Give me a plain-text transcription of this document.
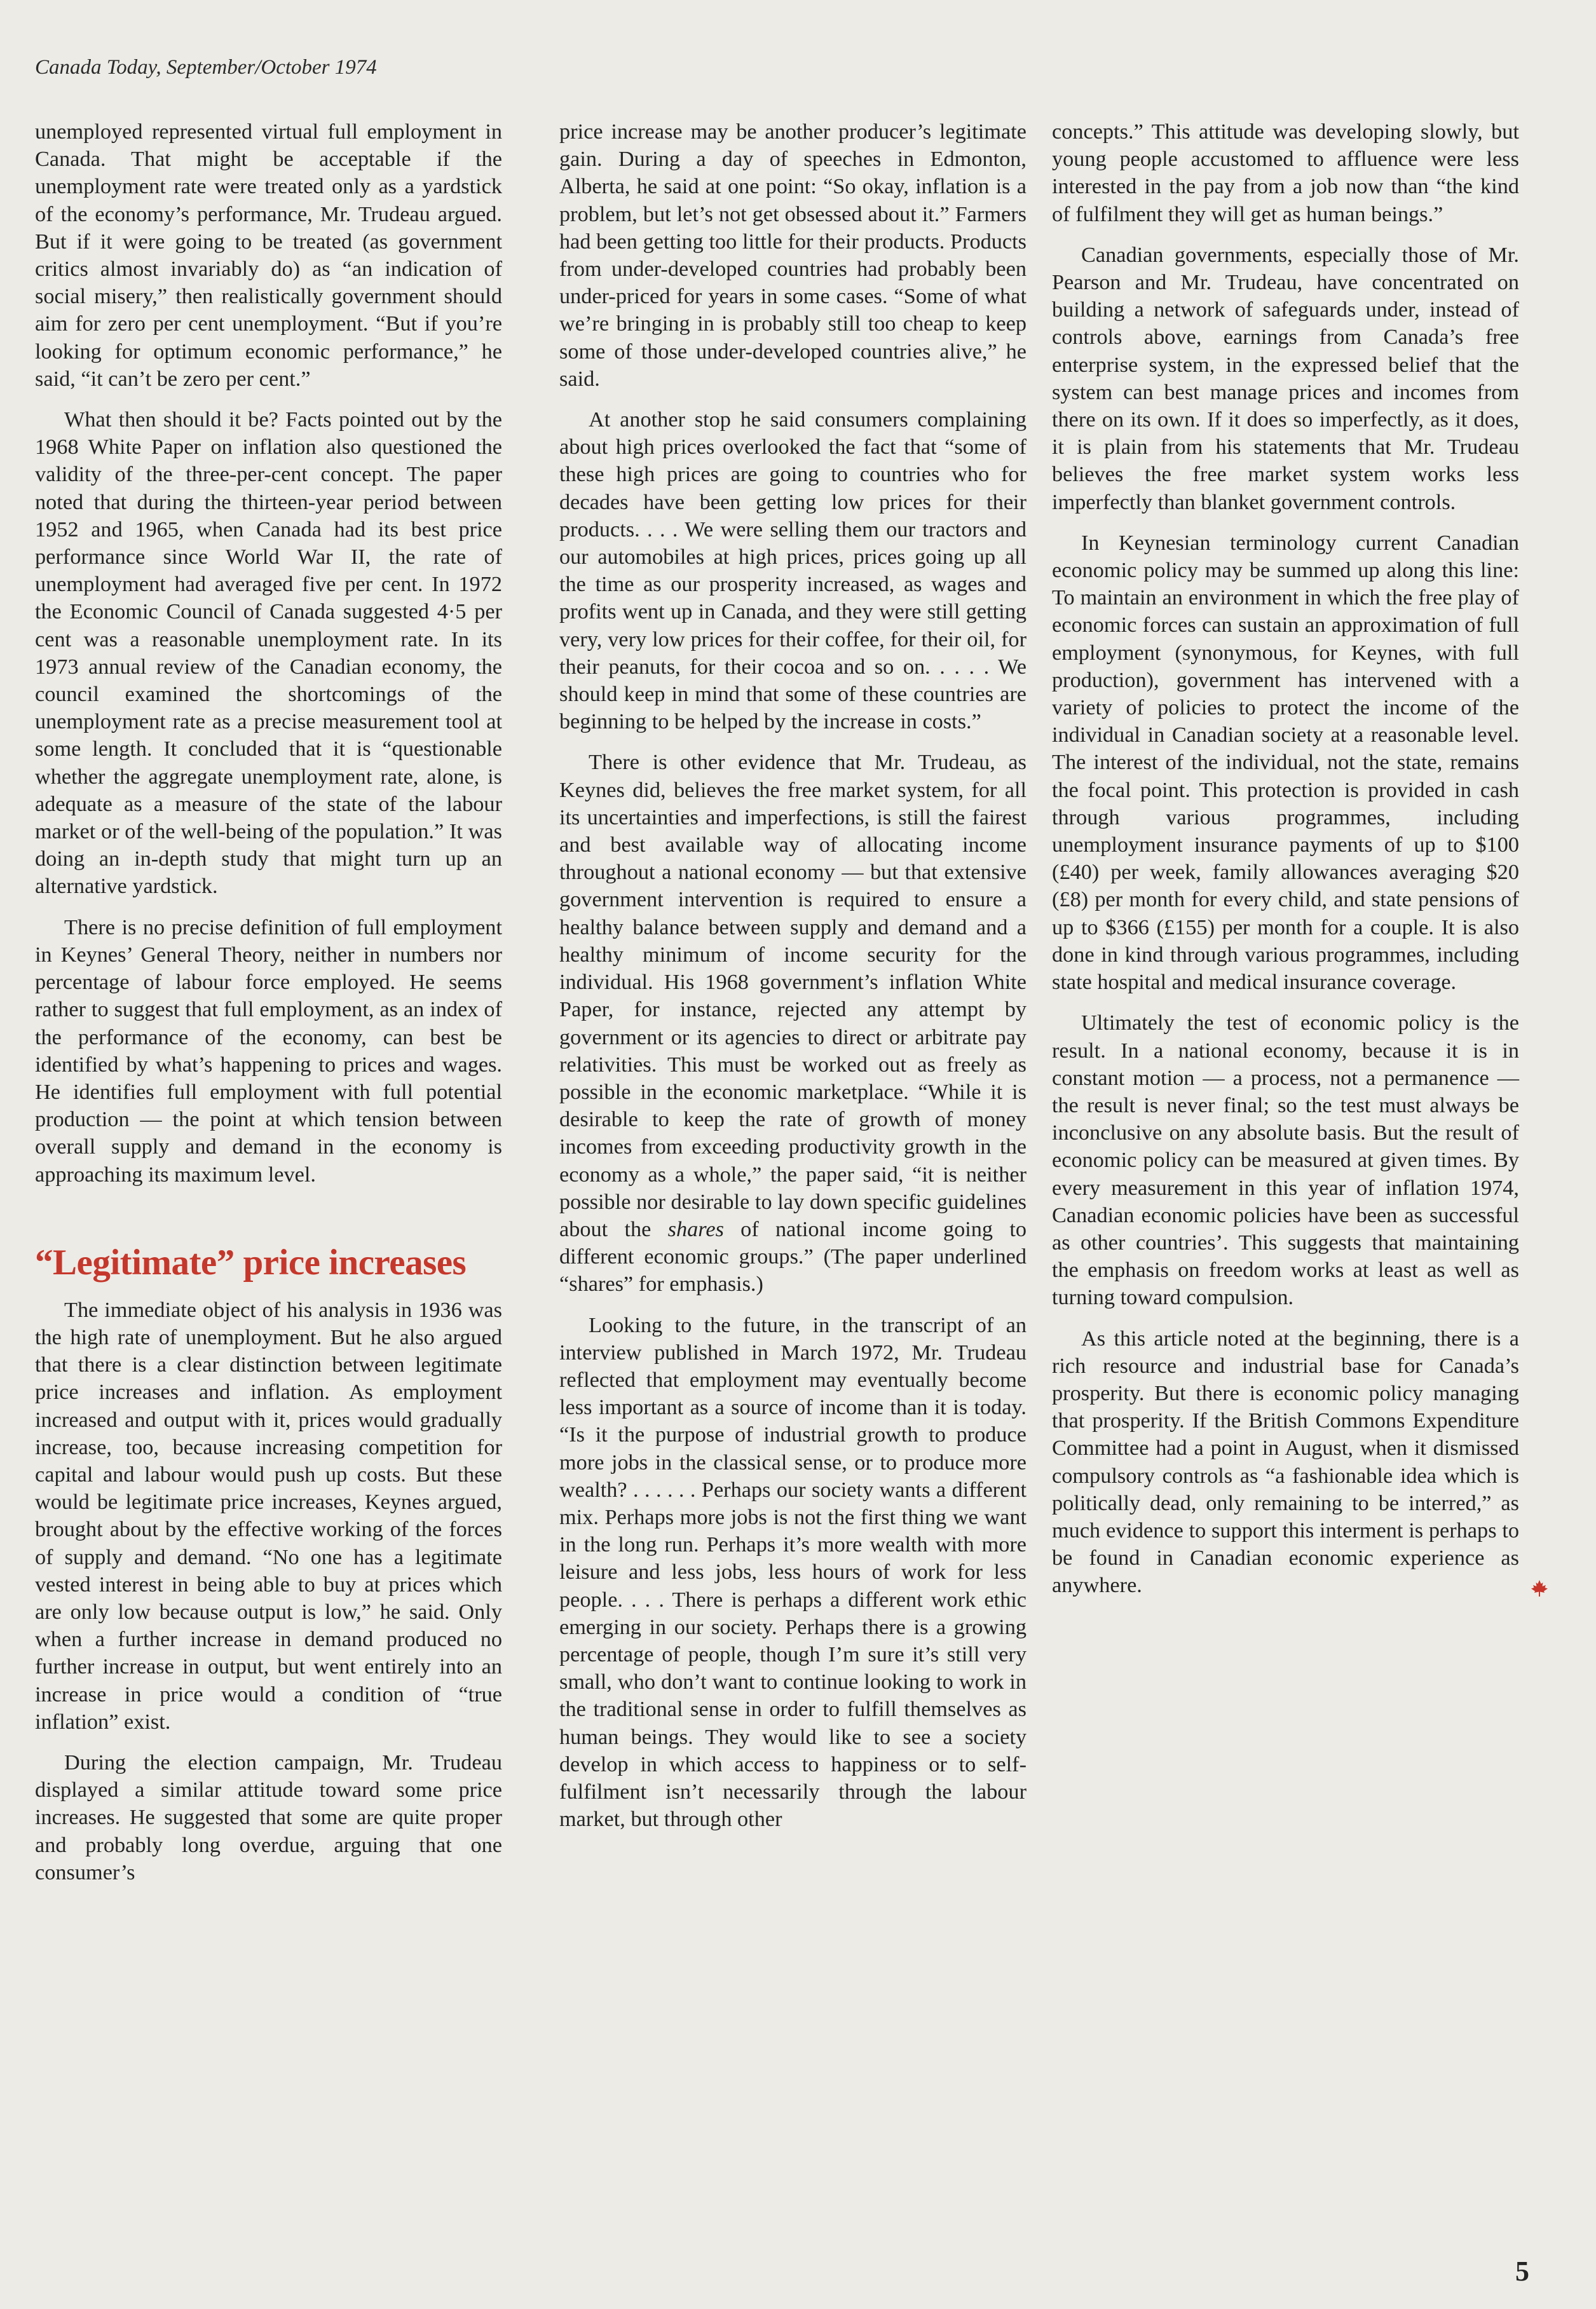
Canada Today, September/October 1974

unemployed represented virtual full employment in Canada. That might be acceptable if the unemployment rate were treated only as a yardstick of the economy’s performance, Mr. Trudeau argued. But if it were going to be treated (as government critics almost invariably do) as “an indication of social misery,” then realistically government should aim for zero per cent unemployment. “But if you’re looking for optimum economic performance,” he said, “it can’t be zero per cent.”

What then should it be? Facts pointed out by the 1968 White Paper on inflation also questioned the validity of the three-per-cent concept. The paper noted that during the thirteen-year period between 1952 and 1965, when Canada had its best price performance since World War II, the rate of unemployment had averaged five per cent. In 1972 the Economic Council of Canada suggested 4·5 per cent was a reasonable unemployment rate. In its 1973 annual review of the Canadian economy, the council examined the shortcomings of the unemployment rate as a precise measurement tool at some length. It concluded that it is “questionable whether the aggregate unemployment rate, alone, is adequate as a measure of the state of the labour market or of the well-being of the population.” It was doing an in-depth study that might turn up an alternative yardstick.

There is no precise definition of full employment in Keynes’ General Theory, neither in numbers nor percentage of labour force employed. He seems rather to suggest that full employment, as an index of the performance of the economy, can best be identified by what’s happening to prices and wages. He identifies full employment with full potential production — the point at which tension between overall supply and demand in the economy is approaching its maximum level.

“Legitimate” price increases

The immediate object of his analysis in 1936 was the high rate of unemployment. But he also argued that there is a clear distinction between legitimate price increases and inflation. As employment increased and output with it, prices would gradually increase, too, because increasing competition for capital and labour would push up costs. But these would be legitimate price increases, Keynes argued, brought about by the effective working of the forces of supply and demand. “No one has a legitimate vested interest in being able to buy at prices which are only low because output is low,” he said. Only when a further increase in demand produced no further increase in output, but went entirely into an increase in price would a condition of “true inflation” exist.

During the election campaign, Mr. Trudeau displayed a similar attitude toward some price increases. He suggested that some are quite proper and probably long overdue, arguing that one consumer’s

price increase may be another producer’s legitimate gain. During a day of speeches in Edmonton, Alberta, he said at one point: “So okay, inflation is a problem, but let’s not get obsessed about it.” Farmers had been getting too little for their products. Products from under-developed countries had probably been under-priced for years in some cases. “Some of what we’re bringing in is probably still too cheap to keep some of those under-developed countries alive,” he said.

At another stop he said consumers complaining about high prices overlooked the fact that “some of these high prices are going to countries who for decades have been getting low prices for their products. . . . We were selling them our tractors and our automobiles at high prices, prices going up all the time as our prosperity increased, as wages and profits went up in Canada, and they were still getting very, very low prices for their coffee, for their oil, for their peanuts, for their cocoa and so on. . . . . We should keep in mind that some of these countries are beginning to be helped by the increase in costs.”

There is other evidence that Mr. Trudeau, as Keynes did, believes the free market system, for all its uncertainties and imperfections, is still the fairest and best available way of allocating income throughout a national economy — but that extensive government intervention is required to ensure a healthy balance between supply and demand and a healthy minimum of income security for the individual. His 1968 government’s inflation White Paper, for instance, rejected any attempt by government or its agencies to direct or arbitrate pay relativities. This must be worked out as freely as possible in the economic marketplace. “While it is desirable to keep the rate of growth of money incomes from exceeding productivity growth in the economy as a whole,” the paper said, “it is neither possible nor desirable to lay down specific guidelines about the shares of national income going to different economic groups.” (The paper underlined “shares” for emphasis.)

Looking to the future, in the transcript of an interview published in March 1972, Mr. Trudeau reflected that employment may eventually become less important as a source of income than it is today. “Is it the purpose of industrial growth to produce more jobs in the classical sense, or to produce more wealth? . . . . . . Perhaps our society wants a different mix. Perhaps more jobs is not the first thing we want in the long run. Perhaps it’s more wealth with more leisure and less jobs, less hours of work for less people. . . . There is perhaps a different work ethic emerging in our society. Perhaps there is a growing percentage of people, though I’m sure it’s still very small, who don’t want to continue looking to work in the traditional sense in order to fulfill themselves as human beings. They would like to see a society develop in which access to happiness or to self-fulfilment isn’t necessarily through the labour market, but through other

concepts.” This attitude was developing slowly, but young people accustomed to affluence were less interested in the pay from a job now than “the kind of fulfilment they will get as human beings.”

Canadian governments, especially those of Mr. Pearson and Mr. Trudeau, have concentrated on building a network of safeguards under, instead of controls above, earnings from Canada’s free enterprise system, in the expressed belief that the system can best manage prices and incomes from there on its own. If it does so imperfectly, as it does, it is plain from his statements that Mr. Trudeau believes the free market system works less imperfectly than blanket government controls.

In Keynesian terminology current Canadian economic policy may be summed up along this line: To maintain an environment in which the free play of economic forces can sustain an approximation of full employment (synonymous, for Keynes, with full production), government has intervened with a variety of policies to protect the income of the individual in Canadian society at a reasonable level. The interest of the individual, not the state, remains the focal point. This protection is provided in cash through various programmes, including unemployment insurance payments of up to $100 (£40) per week, family allowances averaging $20 (£8) per month for every child, and state pensions of up to $366 (£155) per month for a couple. It is also done in kind through various programmes, including state hospital and medical insurance coverage.

Ultimately the test of economic policy is the result. In a national economy, because it is in constant motion — a process, not a permanence — the result is never final; so the test must always be inconclusive on any absolute basis. But the result of economic policy can be measured at given times. By every measurement in this year of inflation 1974, Canadian economic policies have been as successful as other countries’. This suggests that maintaining the emphasis on freedom works at least as well as turning toward compulsion.

As this article noted at the beginning, there is a rich resource and industrial base for Canada’s prosperity. But there is economic policy managing that prosperity. If the British Commons Expenditure Committee had a point in August, when it dismissed compulsory controls as “a fashionable idea which is politically dead, only remaining to be interred,” as much evidence to support this interment is perhaps to be found in Canadian economic experience as anywhere.

5
